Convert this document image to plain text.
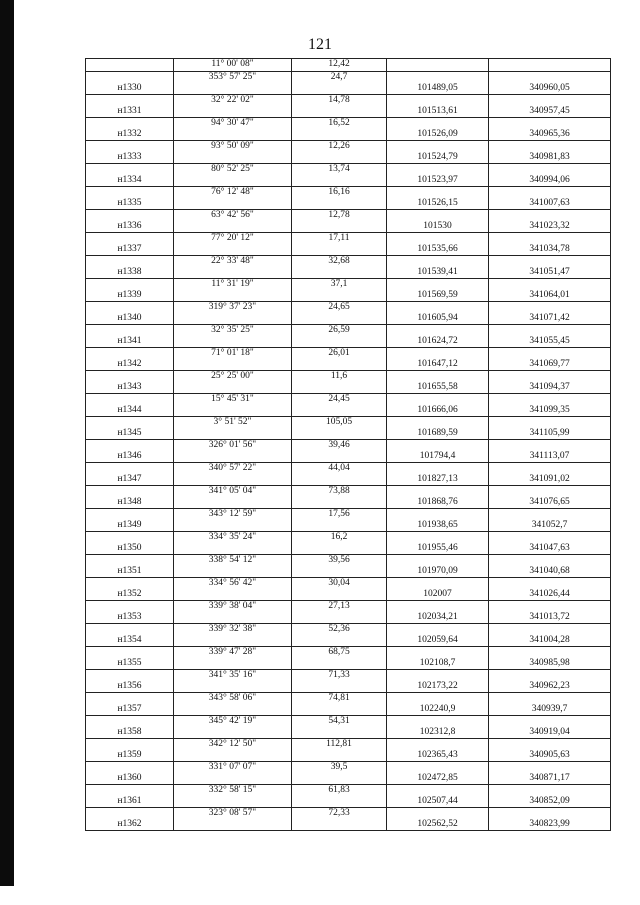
121

	11° 00' 08"	12,42		

н1330	353° 57' 25"	24,7	101489,05	340960,05

н1331	32° 22' 02"	14,78	101513,61	340957,45

н1332	94° 30' 47"	16,52	101526,09	340965,36

н1333	93° 50' 09"	12,26	101524,79	340981,83

н1334	80° 52' 25"	13,74	101523,97	340994,06

н1335	76° 12' 48"	16,16	101526,15	341007,63

н1336	63° 42' 56"	12,78	101530	341023,32

н1337	77° 20' 12"	17,11	101535,66	341034,78

н1338	22° 33' 48"	32,68	101539,41	341051,47

н1339	11° 31' 19"	37,1	101569,59	341064,01

н1340	319° 37' 23"	24,65	101605,94	341071,42

н1341	32° 35' 25"	26,59	101624,72	341055,45

н1342	71° 01' 18"	26,01	101647,12	341069,77

н1343	25° 25' 00"	11,6	101655,58	341094,37

н1344	15° 45' 31"	24,45	101666,06	341099,35

н1345	3° 51' 52"	105,05	101689,59	341105,99

н1346	326° 01' 56"	39,46	101794,4	341113,07

н1347	340° 57' 22"	44,04	101827,13	341091,02

н1348	341° 05' 04"	73,88	101868,76	341076,65

н1349	343° 12' 59"	17,56	101938,65	341052,7

н1350	334° 35' 24"	16,2	101955,46	341047,63

н1351	338° 54' 12"	39,56	101970,09	341040,68

н1352	334° 56' 42"	30,04	102007	341026,44

н1353	339° 38' 04"	27,13	102034,21	341013,72

н1354	339° 32' 38"	52,36	102059,64	341004,28

н1355	339° 47' 28"	68,75	102108,7	340985,98

н1356	341° 35' 16"	71,33	102173,22	340962,23

н1357	343° 58' 06"	74,81	102240,9	340939,7

н1358	345° 42' 19"	54,31	102312,8	340919,04

н1359	342° 12' 50"	112,81	102365,43	340905,63

н1360	331° 07' 07"	39,5	102472,85	340871,17

н1361	332° 58' 15"	61,83	102507,44	340852,09

н1362	323° 08' 57"	72,33	102562,52	340823,99
